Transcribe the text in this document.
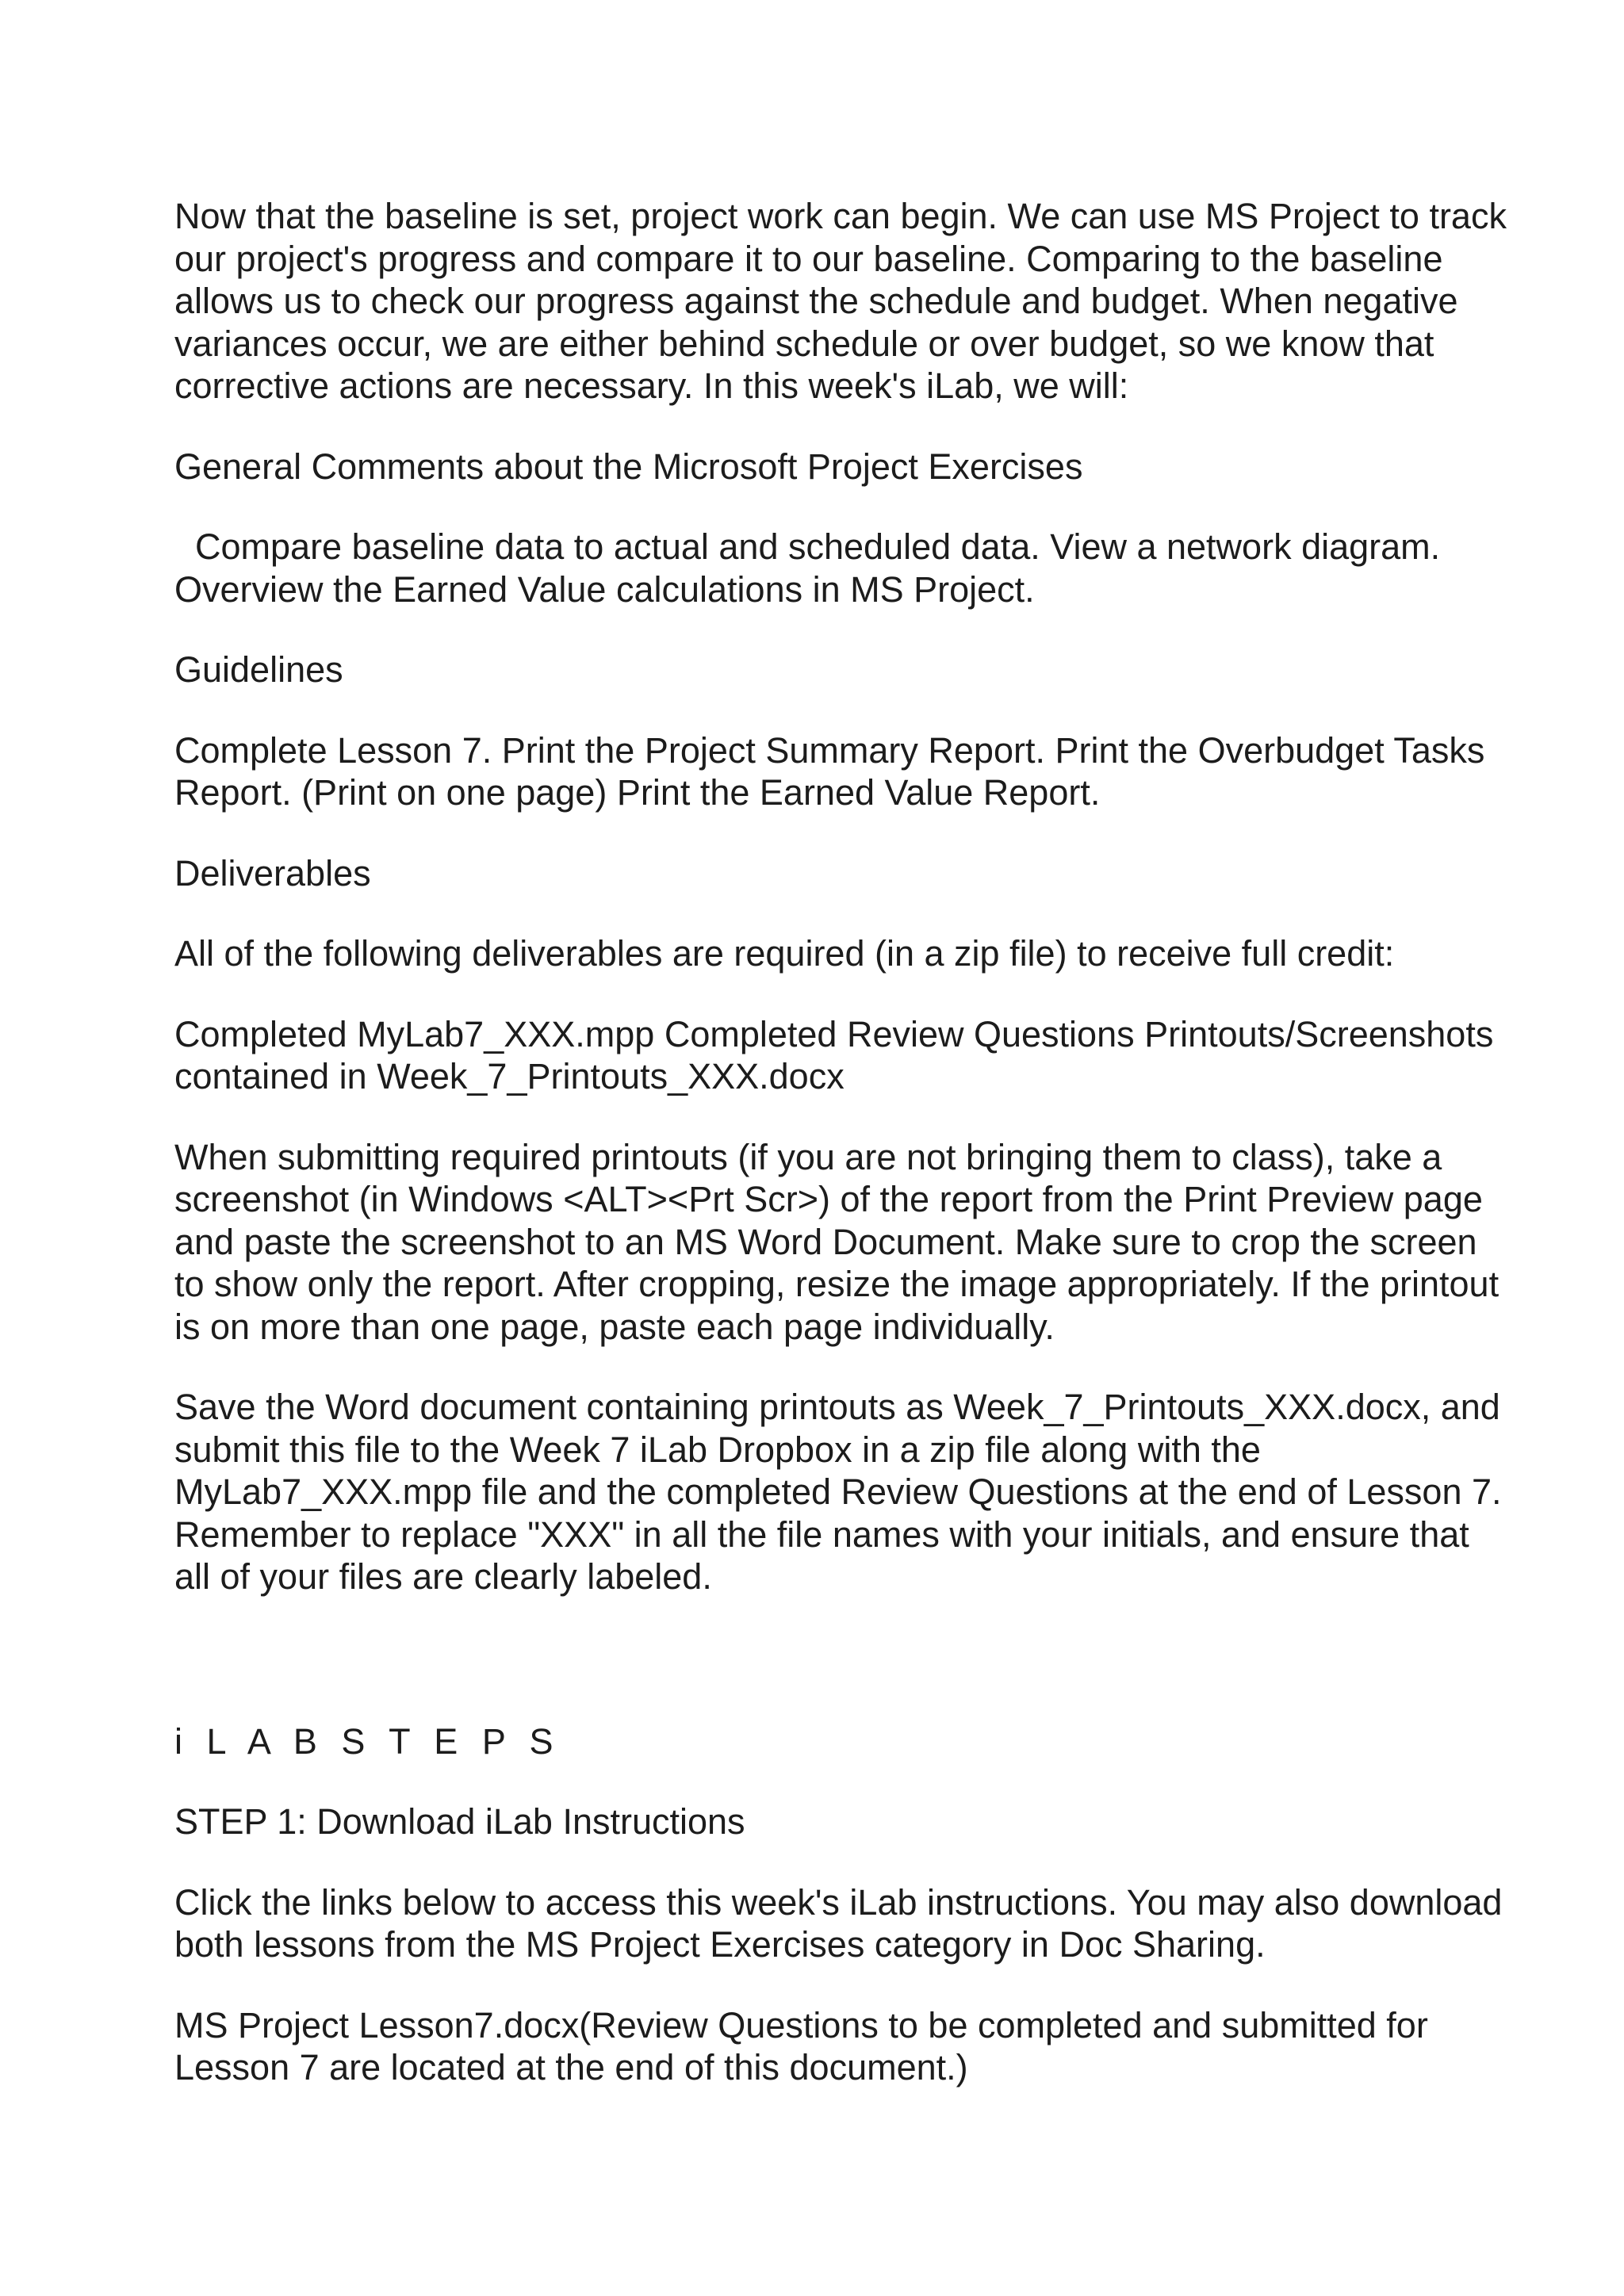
Now that the baseline is set, project work can begin. We can use MS Project to track our project's progress and compare it to our baseline. Comparing to the baseline allows us to check our progress against the schedule and budget. When negative variances occur, we are either behind schedule or over budget, so we know that corrective actions are necessary. In this week's iLab, we will:

General Comments about the Microsoft Project Exercises

Compare baseline data to actual and scheduled data. View a network diagram. Overview the Earned Value calculations in MS Project.

Guidelines

Complete Lesson 7. Print the Project Summary Report. Print the Overbudget Tasks Report. (Print on one page) Print the Earned Value Report.

Deliverables

All of the following deliverables are required (in a zip file) to receive full credit:

Completed MyLab7_XXX.mpp Completed Review Questions Printouts/Screenshots contained in Week_7_Printouts_XXX.docx

When submitting required printouts (if you are not bringing them to class), take a screenshot (in Windows <ALT><Prt Scr>) of the report from the Print Preview page and paste the screenshot to an MS Word Document. Make sure to crop the screen to show only the report. After cropping, resize the image appropriately. If the printout is on more than one page, paste each page individually.

Save the Word document containing printouts as Week_7_Printouts_XXX.docx, and submit this file to the Week 7 iLab Dropbox in a zip file along with the MyLab7_XXX.mpp file and the completed Review Questions at the end of Lesson 7. Remember to replace "XXX" in all the file names with your initials, and ensure that all of your files are clearly labeled.

i L A B S T E P S

STEP 1: Download iLab Instructions

Click the links below to access this week's iLab instructions. You may also download both lessons from the MS Project Exercises category in Doc Sharing.

MS Project Lesson7.docx(Review Questions to be completed and submitted for Lesson 7 are located at the end of this document.)
